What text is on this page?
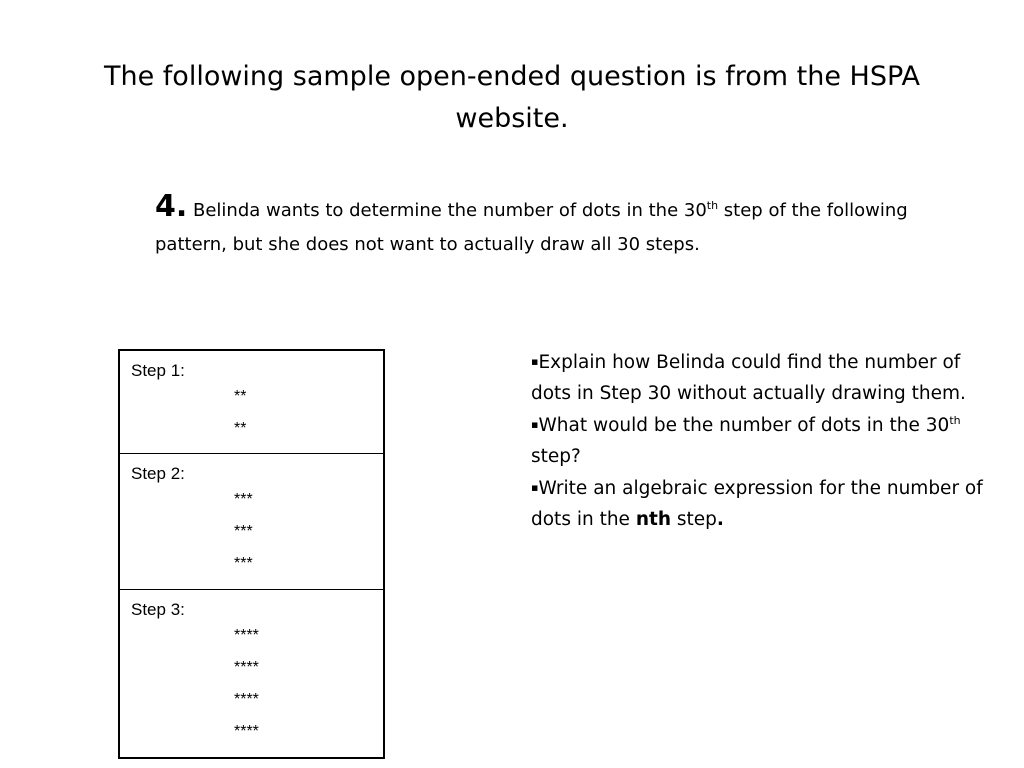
The following sample open-ended question is from the HSPA website.
4. Belinda wants to determine the number of dots in the 30th step of the following pattern, but she does not want to actually draw all 30 steps.
Step 1:
**
**
Step 2:
***
***
***
Step 3:
****
****
****
****

▪Explain how Belinda could find the number of dots in Step 30 without actually drawing them.

▪What would be the number of dots in the 30th step?

▪Write an algebraic expression for the number of dots in the nth step.
